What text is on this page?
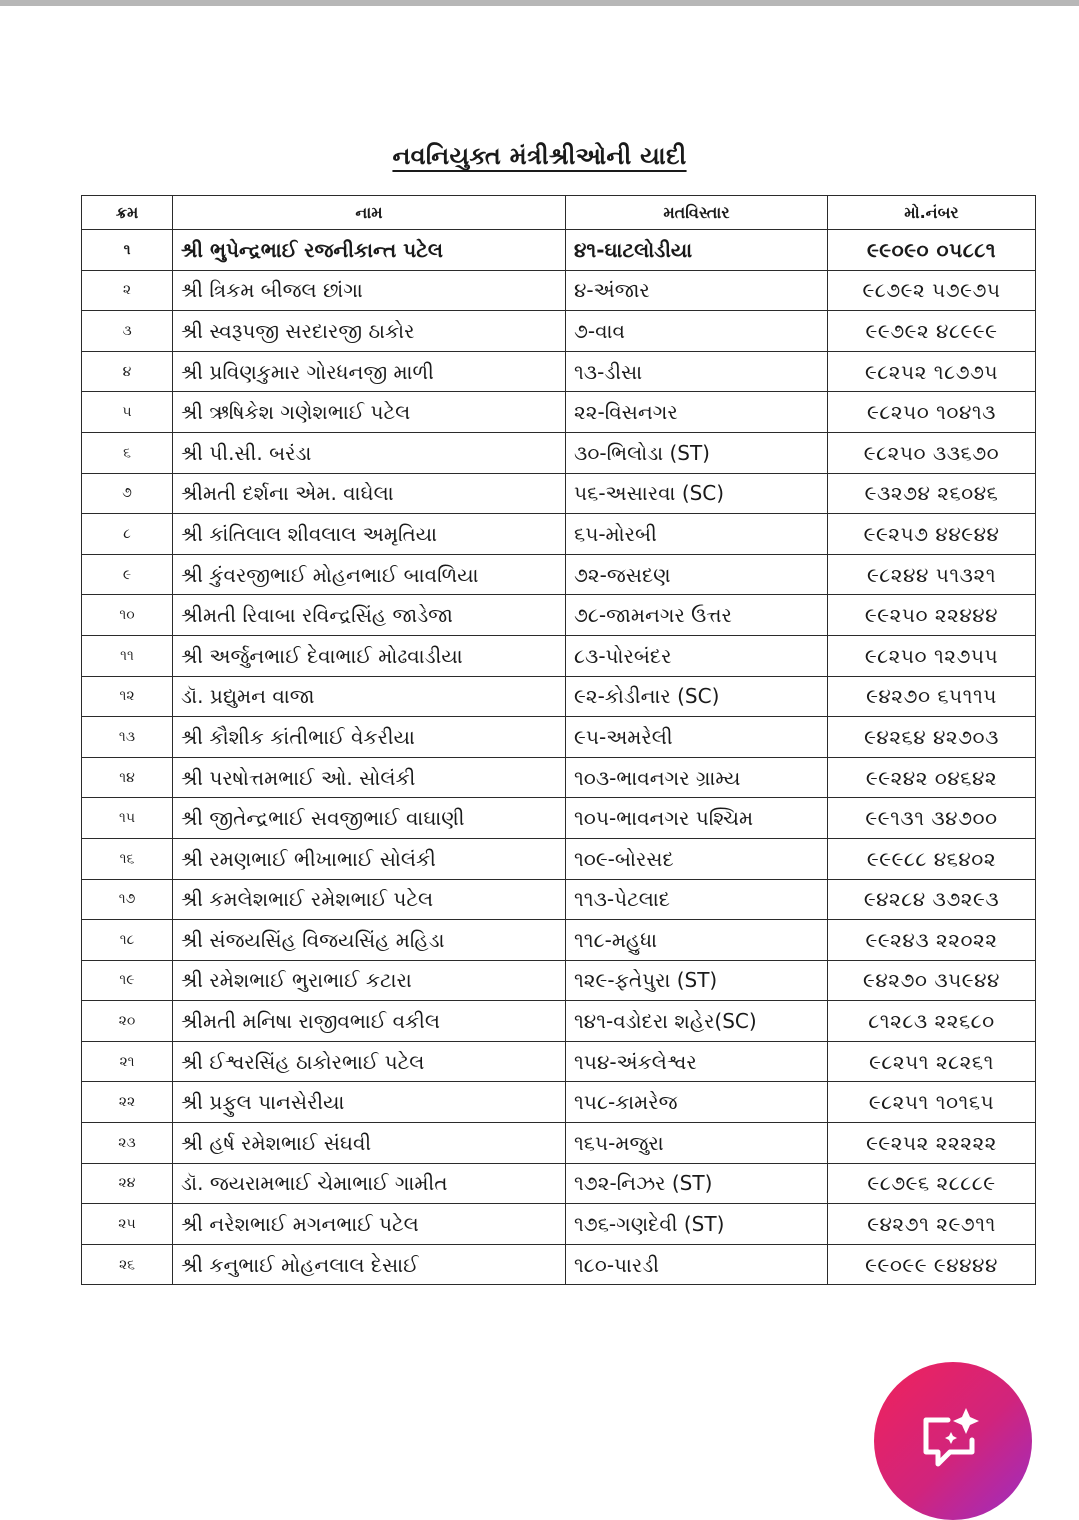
નવનિયુક્ત મંત્રીશ્રીઓની યાદી
ક્રમ	નામ	મતવિસ્તાર	મો.નંબર
૧	શ્રી ભુપેન્દ્રભાઈ રજનીકાન્ત પટેલ	૪૧-ઘાટલોડીયા	૯૯૦૯૦ ૦૫૮૮૧
૨	શ્રી ત્રિકમ બીજલ છાંગા	૪-અંજાર	૯૮૭૯૨ ૫૭૯૭૫
૩	શ્રી સ્વરૂપજી સરદારજી ઠાકોર	૭-વાવ	૯૯૭૯૨ ૪૮૯૯૯
૪	શ્રી પ્રવિણકુમાર ગોરધનજી માળી	૧૩-ડીસા	૯૮૨૫૨ ૧૮૭૭૫
૫	શ્રી ઋષિકેશ ગણેશભાઈ પટેલ	૨૨-વિસનગર	૯૮૨૫૦ ૧૦૪૧૩
૬	શ્રી પી.સી. બરંડા	૩૦-ભિલોડા (ST)	૯૮૨૫૦ ૩૩૬૭૦
૭	શ્રીમતી દર્શના એમ. વાઘેલા	૫૬-અસારવા (SC)	૯૩૨૭૪ ૨૬૦૪૬
૮	શ્રી કાંતિલાલ શીવલાલ અમૃતિયા	૬૫-મોરબી	૯૯૨૫૭ ૪૪૯૪૪
૯	શ્રી કુંવરજીભાઈ મોહનભાઈ બાવળિયા	૭૨-જસદણ	૯૮૨૪૪ ૫૧૩૨૧
૧૦	શ્રીમતી રિવાબા રવિન્દ્રસિંહ જાડેજા	૭૮-જામનગર ઉત્તર	૯૯૨૫૦ ૨૨૪૪૪
૧૧	શ્રી અર્જુનભાઈ દેવાભાઈ મોઢવાડીયા	૮૩-પોરબંદર	૯૮૨૫૦ ૧૨૭૫૫
૧૨	ડૉ. પ્રદ્યુમન વાજા	૯૨-કોડીનાર (SC)	૯૪૨૭૦ ૬૫૧૧૫
૧૩	શ્રી કૌશીક કાંતીભાઈ વેકરીયા	૯૫-અમરેલી	૯૪૨૬૪ ૪૨૭૦૩
૧૪	શ્રી પરષોત્તમભાઈ ઓ. સોલંકી	૧૦૩-ભાવનગર ગ્રામ્ય	૯૯૨૪૨ ૦૪૬૪૨
૧૫	શ્રી જીતેન્દ્રભાઈ સવજીભાઈ વાઘાણી	૧૦૫-ભાવનગર પશ્ચિમ	૯૯૧૩૧ ૩૪૭૦૦
૧૬	શ્રી રમણભાઈ ભીખાભાઈ સોલંકી	૧૦૯-બોરસદ	૯૯૯૮૮ ૪૬૪૦૨
૧૭	શ્રી કમલેશભાઈ રમેશભાઈ પટેલ	૧૧૩-પેટલાદ	૯૪૨૮૪ ૩૭૨૯૩
૧૮	શ્રી સંજયસિંહ વિજયસિંહ મહિડા	૧૧૮-મહુધા	૯૯૨૪૩ ૨૨૦૨૨
૧૯	શ્રી રમેશભાઈ ભુરાભાઈ કટારા	૧૨૯-ફતેપુરા (ST)	૯૪૨૭૦ ૩૫૯૪૪
૨૦	શ્રીમતી મનિષા રાજીવભાઈ વકીલ	૧૪૧-વડોદરા શહેર(SC)	૮૧૨૮૩ ૨૨૬૮૦
૨૧	શ્રી ઈશ્વરસિંહ ઠાકોરભાઈ પટેલ	૧૫૪-અંકલેશ્વર	૯૮૨૫૧ ૨૮૨૬૧
૨૨	શ્રી પ્રફુલ પાનસેરીયા	૧૫૮-કામરેજ	૯૮૨૫૧ ૧૦૧૬૫
૨૩	શ્રી હર્ષ રમેશભાઈ સંઘવી	૧૬૫-મજુરા	૯૯૨૫૨ ૨૨૨૨૨
૨૪	ડૉ. જયરામભાઈ ચેમાભાઈ ગામીત	૧૭૨-નિઝર (ST)	૯૮૭૯૬ ૨૮૮૮૯
૨૫	શ્રી નરેશભાઈ મગનભાઈ પટેલ	૧૭૬-ગણદેવી (ST)	૯૪૨૭૧ ૨૯૭૧૧
૨૬	શ્રી કનુભાઈ મોહનલાલ દેસાઈ	૧૮૦-પારડી	૯૯૦૯૯ ૯૪૪૪૪
